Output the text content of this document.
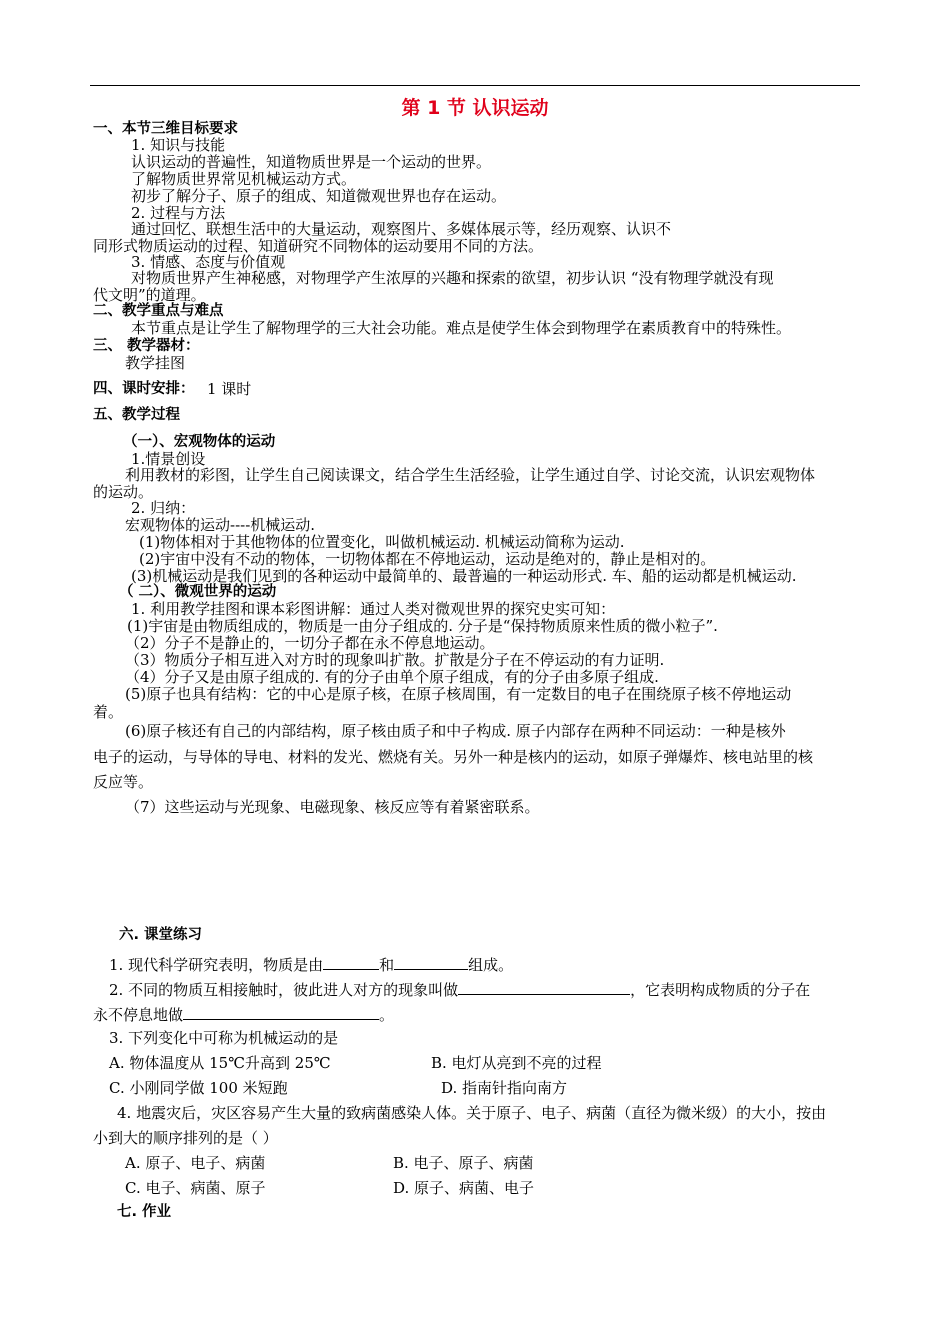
第 1 节 认识运动
一、本节三维目标要求
1. 知识与技能
认识运动的普遍性，知道物质世界是一个运动的世界。
了解物质世界常见机械运动方式。
初步了解分子、原子的组成、知道微观世界也存在运动。
2. 过程与方法
通过回忆、联想生活中的大量运动，观察图片、多媒体展示等，经历观察、认识不
同形式物质运动的过程、知道研究不同物体的运动要用不同的方法。
3. 情感、态度与价值观
对物质世界产生神秘感，对物理学产生浓厚的兴趣和探索的欲望，初步认识 “没有物理学就没有现
代文明”的道理。
二、教学重点与难点
本节重点是让学生了解物理学的三大社会功能。难点是使学生体会到物理学在素质教育中的特殊性。
三、 教学器材：
教学挂图
四、课时安排： 1 课时
五、教学过程
（一）、宏观物体的运动
1.情景创设
利用教材的彩图，让学生自己阅读课文，结合学生生活经验，让学生通过自学、讨论交流，认识宏观物体
的运动。
2. 归纳：
宏观物体的运动----机械运动.
(1)物体相对于其他物体的位置变化，叫做机械运动. 机械运动简称为运动.
(2)宇宙中没有不动的物体，一切物体都在不停地运动，运动是绝对的，静止是相对的。
(3)机械运动是我们见到的各种运动中最简单的、最普遍的一种运动形式. 车、船的运动都是机械运动.
（ 二）、微观世界的运动
1. 利用教学挂图和课本彩图讲解：通过人类对微观世界的探究史实可知：
(1)宇宙是由物质组成的，物质是一由分子组成的. 分子是“保持物质原来性质的微小粒子”.
（2）分子不是静止的，一切分子都在永不停息地运动。
（3）物质分子相互进入对方时的现象叫扩散。扩散是分子在不停运动的有力证明.
（4）分子又是由原子组成的. 有的分子由单个原子组成，有的分子由多原子组成.
(5)原子也具有结构：它的中心是原子核，在原子核周围，有一定数目的电子在围绕原子核不停地运动
着。
(6)原子核还有自己的内部结构，原子核由质子和中子构成. 原子内部存在两种不同运动：一种是核外
电子的运动，与导体的导电、材料的发光、燃烧有关。另外一种是核内的运动，如原子弹爆炸、核电站里的核
反应等。
（7）这些运动与光现象、电磁现象、核反应等有着紧密联系。
六. 课堂练习
1. 现代科学研究表明，物质是由	和	组成。
2. 不同的物质互相接触时，彼此进人对方的现象叫做	，它表明构成物质的分子在
永不停息地做	。
3. 下列变化中可称为机械运动的是
A. 物体温度从 15℃升高到 25℃	B. 电灯从亮到不亮的过程
C. 小刚同学做 100 米短跑	D. 指南针指向南方
4. 地震灾后，灾区容易产生大量的致病菌感染人体。关于原子、电子、病菌（直径为微米级）的大小，按由
小到大的顺序排列的是（ ）
A. 原子、电子、病菌	B. 电子、原子、病菌
C. 电子、病菌、原子	D. 原子、病菌、电子
七. 作业
